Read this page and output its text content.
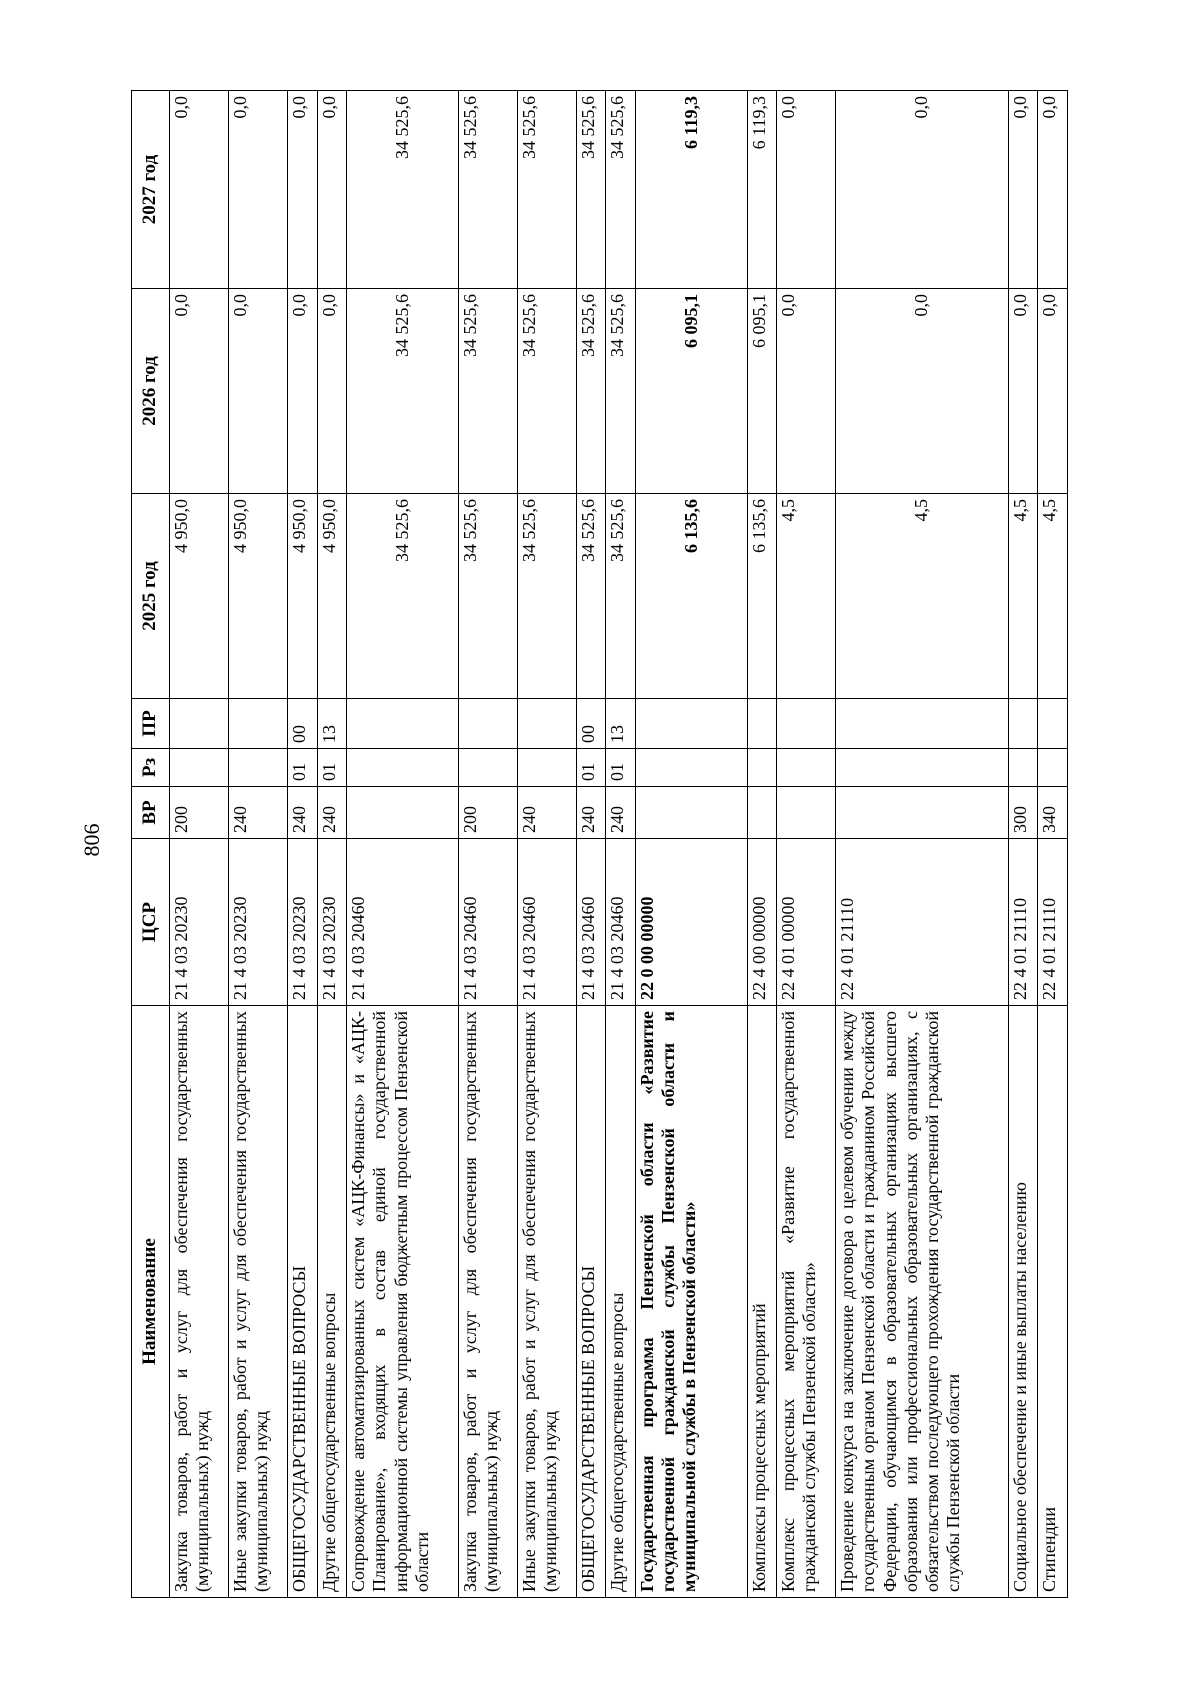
806
Наименование	ЦСР	ВР	Рз	ПР	2025 год	2026 год	2027 год
Закупка товаров, работ и услуг для обеспечения государственных (муниципальных) нужд	21 4 03 20230	200			4 950,0	0,0	0,0
Иные закупки товаров, работ и услуг для обеспечения государственных (муниципальных) нужд	21 4 03 20230	240			4 950,0	0,0	0,0
ОБЩЕГОСУДАРСТВЕННЫЕ ВОПРОСЫ	21 4 03 20230	240	01	00	4 950,0	0,0	0,0
Другие общегосударственные вопросы	21 4 03 20230	240	01	13	4 950,0	0,0	0,0
Сопровождение автоматизированных систем «АЦК-Финансы» и «АЦК-Планирование», входящих в состав единой государственной информационной системы управления бюджетным процессом Пензенской области	21 4 03 20460				34 525,6	34 525,6	34 525,6
Закупка товаров, работ и услуг для обеспечения государственных (муниципальных) нужд	21 4 03 20460	200			34 525,6	34 525,6	34 525,6
Иные закупки товаров, работ и услуг для обеспечения государственных (муниципальных) нужд	21 4 03 20460	240			34 525,6	34 525,6	34 525,6
ОБЩЕГОСУДАРСТВЕННЫЕ ВОПРОСЫ	21 4 03 20460	240	01	00	34 525,6	34 525,6	34 525,6
Другие общегосударственные вопросы	21 4 03 20460	240	01	13	34 525,6	34 525,6	34 525,6
Государственная программа Пензенской области «Развитие государственной гражданской службы Пензенской области и муниципальной службы в Пензенской области»	22 0 00 00000				6 135,6	6 095,1	6 119,3
Комплексы процессных мероприятий	22 4 00 00000				6 135,6	6 095,1	6 119,3
Комплекс процессных мероприятий «Развитие государственной гражданской службы Пензенской области»	22 4 01 00000				4,5	0,0	0,0
Проведение конкурса на заключение договора о целевом обучении между государственным органом Пензенской области и гражданином Российской Федерации, обучающимся в образовательных организациях высшего образования или профессиональных образовательных организациях, с обязательством последующего прохождения государственной гражданской службы Пензенской области	22 4 01 21110				4,5	0,0	0,0
Социальное обеспечение и иные выплаты населению	22 4 01 21110	300			4,5	0,0	0,0
Стипендии	22 4 01 21110	340			4,5	0,0	0,0
